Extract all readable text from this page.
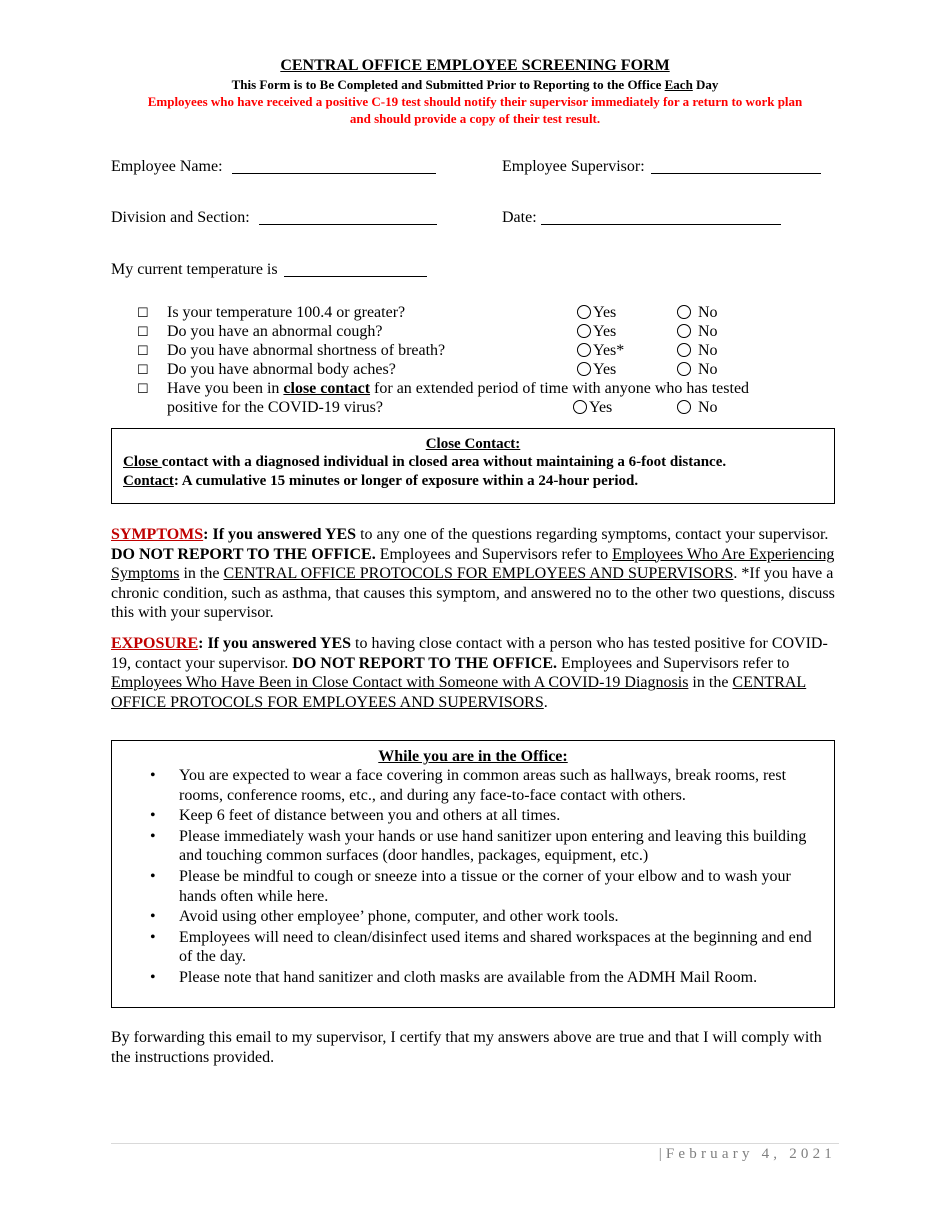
CENTRAL OFFICE EMPLOYEE SCREENING FORM
This Form is to Be Completed and Submitted Prior to Reporting to the Office Each Day
Employees who have received a positive C-19 test should notify their supervisor immediately for a return to work plan
and should provide a copy of their test result.
Employee Name:	Employee Supervisor:
Division and Section:	Date:
My current temperature is
☐ Is your temperature 100.4 or greater?	Yes	No
☐ Do you have an abnormal cough?	Yes	No
☐ Do you have abnormal shortness of breath?	Yes*	No
☐ Do you have abnormal body aches?	Yes	No
☐ Have you been in close contact for an extended period of time with anyone who has tested
positive for the COVID-19 virus?	Yes	No
Close Contact:
Close contact with a diagnosed individual in closed area without maintaining a 6-foot distance.
Contact: A cumulative 15 minutes or longer of exposure within a 24-hour period.
SYMPTOMS: If you answered YES to any one of the questions regarding symptoms, contact your supervisor. DO NOT REPORT TO THE OFFICE. Employees and Supervisors refer to Employees Who Are Experiencing Symptoms in the CENTRAL OFFICE PROTOCOLS FOR EMPLOYEES AND SUPERVISORS. *If you have a chronic condition, such as asthma, that causes this symptom, and answered no to the other two questions, discuss this with your supervisor.
EXPOSURE: If you answered YES to having close contact with a person who has tested positive for COVID-19, contact your supervisor. DO NOT REPORT TO THE OFFICE. Employees and Supervisors refer to Employees Who Have Been in Close Contact with Someone with A COVID-19 Diagnosis in the CENTRAL OFFICE PROTOCOLS FOR EMPLOYEES AND SUPERVISORS.
While you are in the Office:
• You are expected to wear a face covering in common areas such as hallways, break rooms, rest rooms, conference rooms, etc., and during any face-to-face contact with others.
• Keep 6 feet of distance between you and others at all times.
• Please immediately wash your hands or use hand sanitizer upon entering and leaving this building and touching common surfaces (door handles, packages, equipment, etc.)
• Please be mindful to cough or sneeze into a tissue or the corner of your elbow and to wash your hands often while here.
• Avoid using other employee’ phone, computer, and other work tools.
• Employees will need to clean/disinfect used items and shared workspaces at the beginning and end of the day.
• Please note that hand sanitizer and cloth masks are available from the ADMH Mail Room.
By forwarding this email to my supervisor, I certify that my answers above are true and that I will comply with the instructions provided.
|February 4, 2021
